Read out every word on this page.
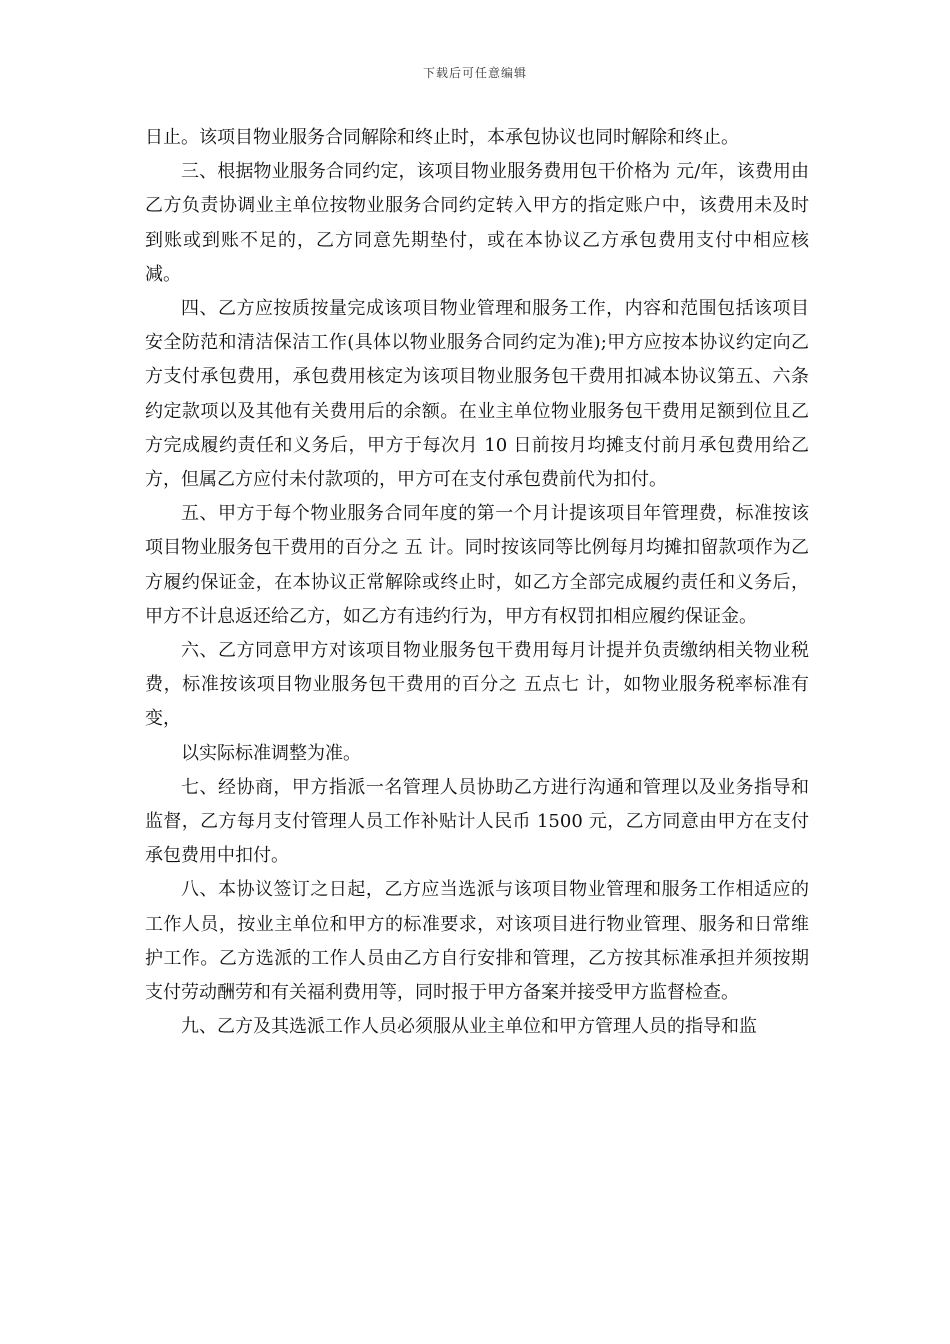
下载后可任意编辑

日止。该项目物业服务合同解除和终止时，本承包协议也同时解除和终止。

三、根据物业服务合同约定，该项目物业服务费用包干价格为 元/年，该费用由乙方负责协调业主单位按物业服务合同约定转入甲方的指定账户中，该费用未及时到账或到账不足的，乙方同意先期垫付，或在本协议乙方承包费用支付中相应核减。

四、乙方应按质按量完成该项目物业管理和服务工作，内容和范围包括该项目安全防范和清洁保洁工作(具体以物业服务合同约定为准);甲方应按本协议约定向乙方支付承包费用，承包费用核定为该项目物业服务包干费用扣减本协议第五、六条约定款项以及其他有关费用后的余额。在业主单位物业服务包干费用足额到位且乙方完成履约责任和义务后，甲方于每次月 10 日前按月均摊支付前月承包费用给乙方，但属乙方应付未付款项的，甲方可在支付承包费前代为扣付。

五、甲方于每个物业服务合同年度的第一个月计提该项目年管理费，标准按该项目物业服务包干费用的百分之 五 计。同时按该同等比例每月均摊扣留款项作为乙方履约保证金，在本协议正常解除或终止时，如乙方全部完成履约责任和义务后，甲方不计息返还给乙方，如乙方有违约行为，甲方有权罚扣相应履约保证金。

六、乙方同意甲方对该项目物业服务包干费用每月计提并负责缴纳相关物业税费，标准按该项目物业服务包干费用的百分之 五点七 计，如物业服务税率标准有变，

以实际标准调整为准。

七、经协商，甲方指派一名管理人员协助乙方进行沟通和管理以及业务指导和监督，乙方每月支付管理人员工作补贴计人民币 1500 元，乙方同意由甲方在支付承包费用中扣付。

八、本协议签订之日起，乙方应当选派与该项目物业管理和服务工作相适应的工作人员，按业主单位和甲方的标准要求，对该项目进行物业管理、服务和日常维护工作。乙方选派的工作人员由乙方自行安排和管理，乙方按其标准承担并须按期支付劳动酬劳和有关福利费用等，同时报于甲方备案并接受甲方监督检查。

九、乙方及其选派工作人员必须服从业主单位和甲方管理人员的指导和监
